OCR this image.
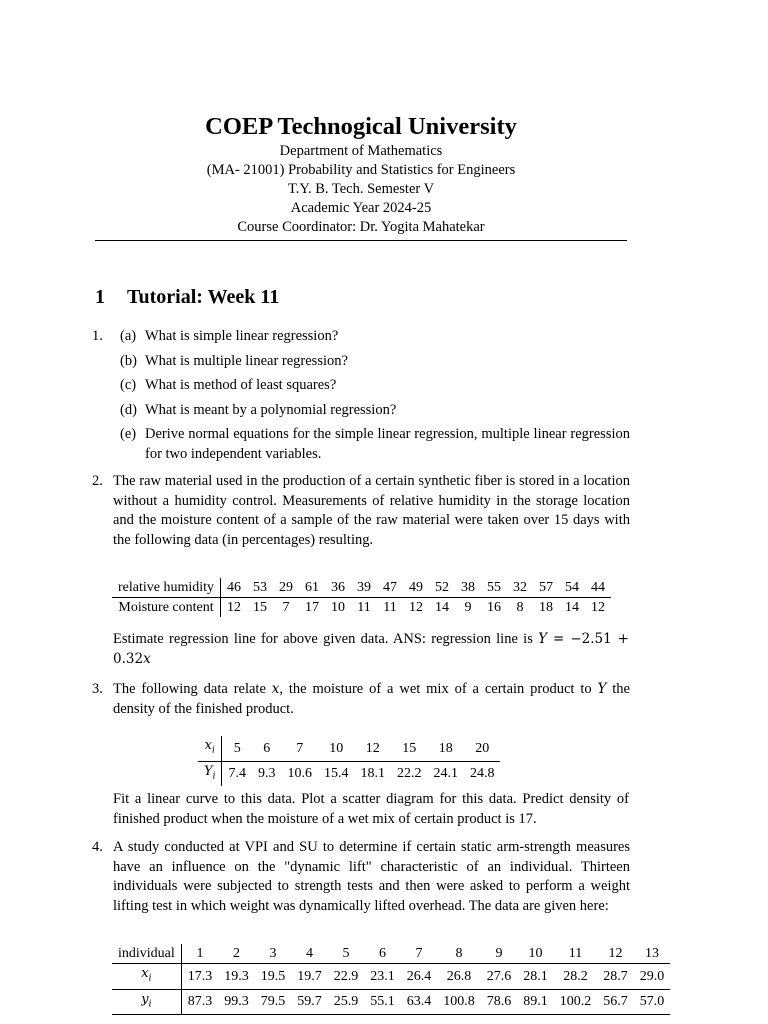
COEP Technogical University
Department of Mathematics
(MA- 21001) Probability and Statistics for Engineers
T.Y. B. Tech. Semester V
Academic Year 2024-25
Course Coordinator: Dr. Yogita Mahatekar
1 Tutorial: Week 11
1. (a) What is simple linear regression?
(b) What is multiple linear regression?
(c) What is method of least squares?
(d) What is meant by a polynomial regression?
(e) Derive normal equations for the simple linear regression, multiple linear regression for two independent variables.
2. The raw material used in the production of a certain synthetic fiber is stored in a location without a humidity control. Measurements of relative humidity in the storage location and the moisture content of a sample of the raw material were taken over 15 days with the following data (in percentages) resulting.
relative humidity	46	53	29	61	36	39	47	49	52	38	55	32	57	54	44
Moisture content	12	15	7	17	10	11	11	12	14	9	16	8	18	14	12
Estimate regression line for above given data. ANS: regression line is Y = −2.51 + 0.32x
3. The following data relate x, the moisture of a wet mix of a certain product to Y the density of the finished product.
$x_i$	5	6	7	10	12	15	18	20
$Y_i$	7.4	9.3	10.6	15.4	18.1	22.2	24.1	24.8
Fit a linear curve to this data. Plot a scatter diagram for this data. Predict density of finished product when the moisture of a wet mix of certain product is 17.
4. A study conducted at VPI and SU to determine if certain static arm-strength measures have an influence on the "dynamic lift" characteristic of an individual. Thirteen individuals were subjected to strength tests and then were asked to perform a weight lifting test in which weight was dynamically lifted overhead. The data are given here:
individual	1	2	3	4	5	6	7	8	9	10	11	12	13
$x_i$	17.3	19.3	19.5	19.7	22.9	23.1	26.4	26.8	27.6	28.1	28.2	28.7	29.0
$y_i$	87.3	99.3	79.5	59.7	25.9	55.1	63.4	100.8	78.6	89.1	100.2	56.7	57.0
